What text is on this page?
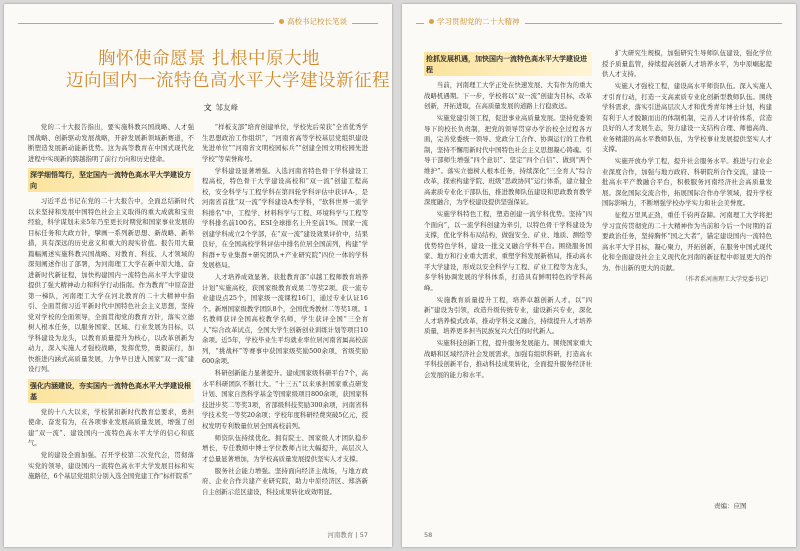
高校书记校长笔谈
胸怀使命愿景 扎根中原大地
迈向国内一流特色高水平大学建设新征程
文 邹友峰

党的二十大报告指出，要实施科教兴国战略、人才强国战略、创新驱动发展战略，开辟发展新领域新赛道，不断塑造发展新动能新优势。这为高等教育在中国式现代化进程中实现新的跨越指明了前行方向和历史使命。

深学细悟笃行，坚定国内一流特色高水平大学建设方向

习近平总书记在党的二十大报告中，全面总结新时代以来坚持和发展中国特色社会主义取得的重大成就和宝贵经验，科学谋划未来5年乃至更长时期党和国家事业发展的目标任务和大政方针，擘画一系列新思想、新战略、新举措，具有深远的历史意义和重大的现实价值。报告用大量篇幅阐述实施科教兴国战略、对教育、科技、人才领域的深刻阐述作出了部署，为河南理工大学在新中原大地、奋进新时代新征程，加快构建国内一流特色高水平大学建设提供了强大精神动力和科学行动指南。作为教育“中原奋进第一梯队，河南理工大学在河北教育的二十大精神中指引、全面贯彻习近平新时代中国特色社会主义思想，坚持党对学校的全面领导，全面贯彻党的教育方针，落实立德树人根本任务，以服务国家、区域、行业发展为目标，以学科建设为龙头，以教育质量提升为核心，以改革创新为动力，深入实施人才强校战略，发挥优势，勇毅前行，加快推进内涵式高质量发展，力争早日进入国家“双一流”建设行列。

强化内涵建设，夯实国内一流特色高水平大学建设根基

党的十八大以来，学校紧扣新时代教育总要求，勇担使命、奋发有为，在各项事业发展高质量发展，增强了创建“双一流”、建设国内一流特色高水平大学的信心和底气。

党的建设全面加强。召开学校第二次党代会，贯彻落实党的领导，建设国内一流特色高水平大学发展目标和实施路径，6个基层党组织分别入选全国党建工作“标杆院系”

“样板支部”培育创建单位，学校先后荣获“全省优秀学生思想政治工作组织”，“河南省高等学校基层党组织建设先进单位”“河南省文明校园标兵”“创建全国文明校园先进学校”等荣誉称号。

学科建设显著增强。入选河南省特色骨干学科建设工程高校，特色骨干大学建设高校和“双一流”创建工程高校，安全科学与工程学科在第四轮学科评估中获评A-，是河南省首批“双一流”学科建设A类学科，“软科世界一流学科排名”中，工程学、材料科学与工程、环境科学与工程等学科排名前100名。ESI全球排名上升至前1%。国家一流创建学科成立2个学部，在“双一流”建设效果评价中，结果良好，在全国高校学科评估中排名位居全国前列，构建“学科群+专业集群+研究团队+产业研究院”四位一体的学科发展格局。

人才培养成效显著。获批教育部“卓越工程师教育培养计划”实施高校，获国家级教育成果二等奖2项。获一流专业建设点25个，国家级一流课程16门，通过专业认证16个。新增国家级教学团队8个，全国优秀教材二等奖1项。1名教师获评全国高校教学名师，学生获评全国“三全育人”综合改革试点，全国大学生创新创业训练计划等项目10余项。近5年，学校毕业生平均就业率位居河南省属高校前列，“挑战杯”等赛事中获国家级奖励500余项，省级奖励600余项。

科研创新能力显著提升。建成国家级科研平台7个，高水平科研团队不断壮大。“十三五”以来承担国家重点研发计划、国家自然科学基金等国家级项目800余项，获国家科技进步奖二等奖3项，省部级科技奖励300余项，河南省科学技术奖一等奖20余项；学校年度科研经费突破5亿元，授权发明专利数量位居全国高校前列。

师资队伍持续优化。拥有院士、国家级人才团队稳步增长，专任教师中博士学位教师占比大幅提升，高层次人才总量显著增加，为学校高质量发展提供坚实人才支撑。

服务社会能力增强。坚持面向经济主战场，与地方政府、企业合作共建产业研究院，助力中原经济区、郑洛新自主创新示范区建设，科技成果转化成效明显。

河南教育 | 57
学习贯彻党的二十大精神
抢抓发展机遇，加快国内一流特色高水平大学建设进程

当前，河南理工大学正处在快速发展、大有作为的重大战略机遇期。下一步，学校将以“双一流”创建为目标，改革创新，开拓进取，在高质量发展的道路上行稳致远。

实施党建引领工程，促进事业高质量发展。坚持党委领导下的校长负责制，把党的领导贯穿办学治校全过程各方面，完善党委统一领导、党政分工合作、协调运行的工作机制，坚持不懈用新时代中国特色社会主义思想凝心铸魂。引导干部师生增强“四个意识”、坚定“四个自信”、做到“两个维护”。落实立德树人根本任务，持续深化“三全育人”综合改革，探索构建学院、班级“思政协同”运行体系，建立健全高素质专业化干部队伍，推进教师队伍建设和思政教育教学深度融合，为学校建设提供坚强保证。

实施学科特色工程，塑造创建一流学科优势。坚持“四个面向”，以一流学科创建为牵引，以特色骨干学科建设为支撑，优化学科布局结构，做强安全、矿业、地质、测绘等优势特色学科，建设一批交叉融合学科平台。围绕服务国家、地方和行业重大需求，重塑学科发展新格局，推动高水平大学建设，形成以安全科学与工程、矿业工程等为龙头，多学科协调发展的学科体系，打造具有鲜明特色的学科高峰。

实施教育质量提升工程，培养卓越创新人才。以“四新”建设为引领，改造升级传统专业，建设新兴专业，深化人才培养模式改革，推动学科交叉融合，持续提升人才培养质量，培养更多担当民族复兴大任的时代新人。

实施科技创新工程，提升服务发展能力。围绕国家重大战略和区域经济社会发展需求，加强有组织科研，打造高水平科技创新平台，推动科技成果转化，全面提升服务经济社会发展的能力和水平。

扩大研究生规模，加强研究生导师队伍建设，强化学位授予质量监管，持续提高创新人才培养水平，为中原崛起提供人才支持。

实施人才强校工程，建设高水平师资队伍。深入实施人才引育行动，打造一支高素质专业化创新型教师队伍。围绕学科需求，落实引进高层次人才和优秀青年博士计划，构建有利于人才脱颖而出的体制机制，完善人才评价体系，营造良好的人才发展生态，努力建设一支结构合理、师德高尚、业务精湛的高水平教师队伍，为学校事业发展提供坚实人才支撑。

实施开放办学工程，提升社会服务水平。推进与行业企业深度合作，加强与地方政府、科研院所合作交流，建设一批高水平产教融合平台，积极服务河南经济社会高质量发展。深化国际交流合作，拓展国际合作办学领域，提升学校国际影响力，不断增强学校办学实力和社会美誉度。

征程万里风正劲，重任千钧再奋蹄。河南理工大学将把学习宣传贯彻党的二十大精神作为当前和今后一个时期的首要政治任务，坚持胸怀“国之大者”，锚定建设国内一流特色高水平大学目标，凝心聚力，开拓创新，在服务中国式现代化和全面建设社会主义现代化河南的新征程中彰显更大的作为、作出新的更大的贡献。

（作者系河南理工大学党委书记）

责编：应图
58
